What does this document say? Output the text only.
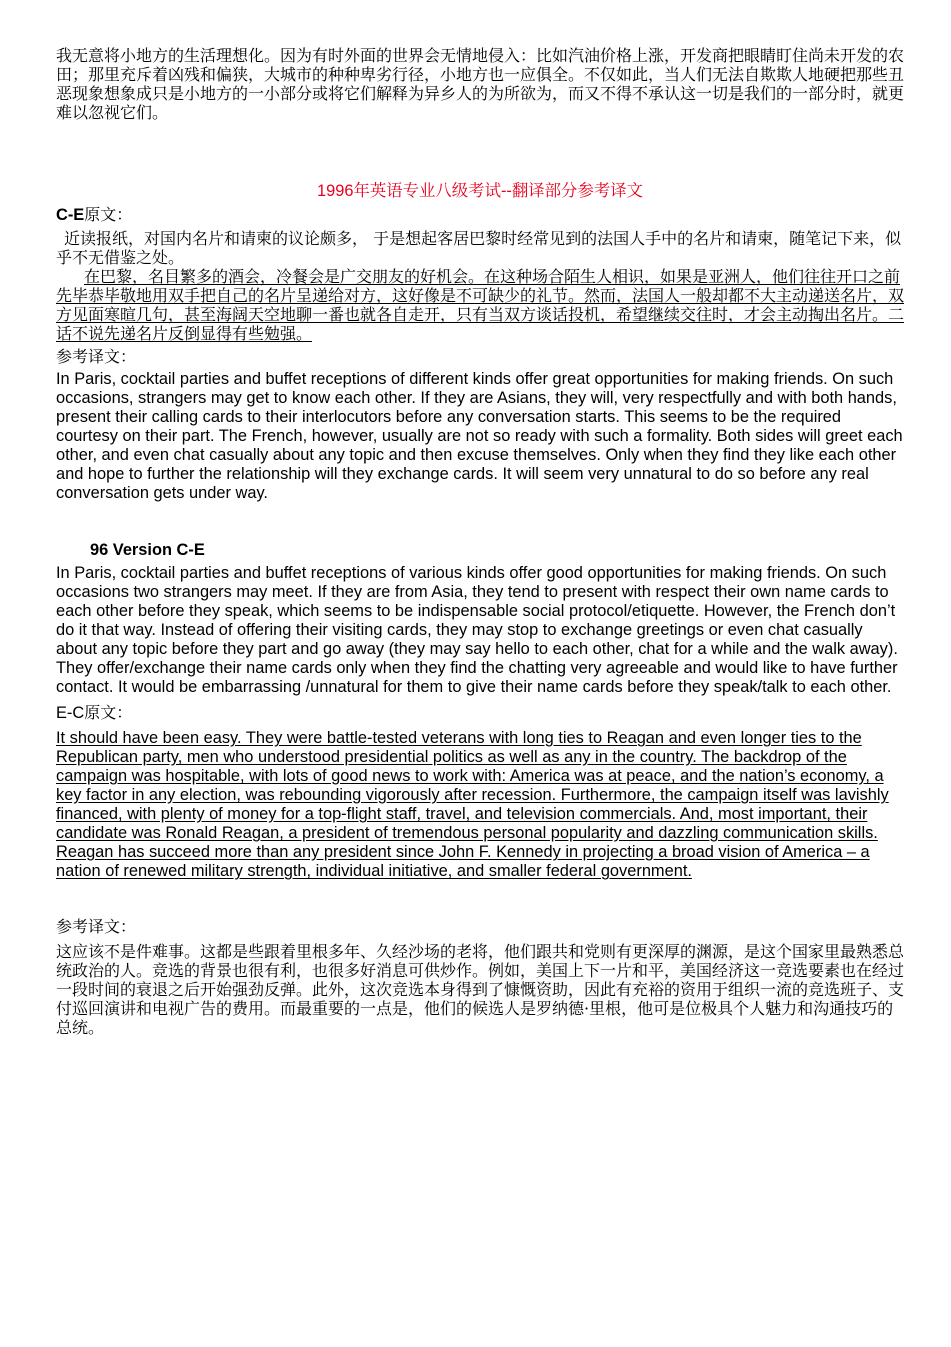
我无意将小地方的生活理想化。因为有时外面的世界会无情地侵入：比如汽油价格上涨，开发商把眼睛盯住尚未开发的农田；那里充斥着凶残和偏狭，大城市的种种卑劣行径，小地方也一应俱全。不仅如此，当人们无法自欺欺人地硬把那些丑恶现象想象成只是小地方的一小部分或将它们解释为异乡人的为所欲为，而又不得不承认这一切是我们的一部分时，就更难以忽视它们。

1996年英语专业八级考试--翻译部分参考译文

C-E原文：

近读报纸，对国内名片和请柬的议论颇多， 于是想起客居巴黎时经常见到的法国人手中的名片和请柬，随笔记下来，似乎不无借鉴之处。

在巴黎，名目繁多的酒会，冷餐会是广交朋友的好机会。在这种场合陌生人相识，如果是亚洲人，他们往往开口之前先毕恭毕敬地用双手把自己的名片呈递给对方，这好像是不可缺少的礼节。然而，法国人一般却都不大主动递送名片，双方见面寒暄几句，甚至海阔天空地聊一番也就各自走开，只有当双方谈话投机，希望继续交往时，才会主动掏出名片。二话不说先递名片反倒显得有些勉强。

参考译文：

In Paris, cocktail parties and buffet receptions of different kinds offer great opportunities for making friends. On such occasions, strangers may get to know each other. If they are Asians, they will, very respectfully and with both hands, present their calling cards to their interlocutors before any conversation starts. This seems to be the required courtesy on their part. The French, however, usually are not so ready with such a formality. Both sides will greet each other, and even chat casually about any topic and then excuse themselves. Only when they find they like each other and hope to further the relationship will they exchange cards. It will seem very unnatural to do so before any real conversation gets under way.

96 Version C-E

In Paris, cocktail parties and buffet receptions of various kinds offer good opportunities for making friends. On such occasions two strangers may meet. If they are from Asia, they tend to present with respect their own name cards to each other before they speak, which seems to be indispensable social protocol/etiquette. However, the French don’t do it that way. Instead of offering their visiting cards, they may stop to exchange greetings or even chat casually about any topic before they part and go away (they may say hello to each other, chat for a while and the walk away). They offer/exchange their name cards only when they find the chatting very agreeable and would like to have further contact. It would be embarrassing /unnatural for them to give their name cards before they speak/talk to each other.

E-C原文：

It should have been easy. They were battle-tested veterans with long ties to Reagan and even longer ties to the Republican party, men who understood presidential politics as well as any in the country. The backdrop of the campaign was hospitable, with lots of good news to work with: America was at peace, and the nation’s economy, a key factor in any election, was rebounding vigorously after recession. Furthermore, the campaign itself was lavishly financed, with plenty of money for a top-flight staff, travel, and television commercials. And, most important, their candidate was Ronald Reagan, a president of tremendous personal popularity and dazzling communication skills. Reagan has succeed more than any president since John F. Kennedy in projecting a broad vision of America – a nation of renewed military strength, individual initiative, and smaller federal government.

参考译文：

这应该不是件难事。这都是些跟着里根多年、久经沙场的老将，他们跟共和党则有更深厚的渊源，是这个国家里最熟悉总统政治的人。竞选的背景也很有利，也很多好消息可供炒作。例如，美国上下一片和平，美国经济这一竞选要素也在经过一段时间的衰退之后开始强劲反弹。此外，这次竞选本身得到了慷慨资助，因此有充裕的资用于组织一流的竞选班子、支付巡回演讲和电视广告的费用。而最重要的一点是，他们的候选人是罗纳德·里根，他可是位极具个人魅力和沟通技巧的总统。
